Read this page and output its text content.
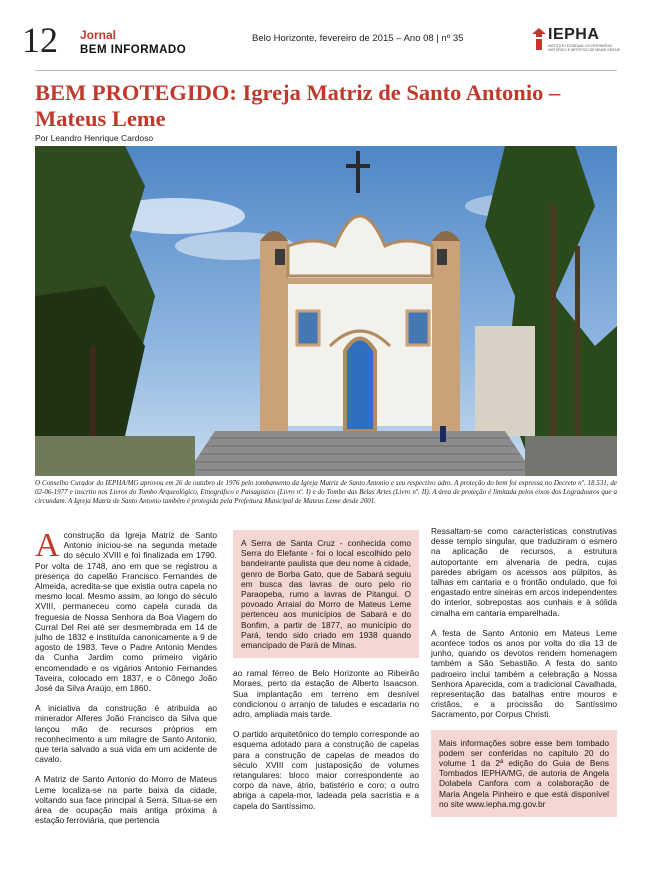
12 Jornal
BEM INFORMADO
Belo Horizonte, fevereiro de 2015 – Ano 08 | nº 35	IEPHA
INSTITUTO ESTADUAL DO PATRIMÔNIO HISTÓRICO E ARTÍSTICO DE MINAS GERAIS
BEM PROTEGIDO: Igreja Matriz de Santo Antonio – Mateus Leme
Por Leandro Henrique Cardoso
O Conselho Curador do IEPHA/MG aprovou em 26 de outubro de 1976 pelo tombamento da Igreja Matriz de Santo Antonio e seu respectivo adro. A proteção do bem foi expressa no Decreto nº. 18.531, de 02-06-1977 e inscrito nos Livros do Tombo Arqueológico, Etnográfico e Paisagístico (Livro nº. I) e do Tombo das Belas Artes (Livro nº. II). A área de proteção é limitada pelos eixos dos Logradouros que a circundam. A Igreja Matriz de Santo Antonio também é protegida pela Prefeitura Municipal de Mateus Leme desde 2001.

Aconstrução da Igreja Matriz de Santo Antonio iniciou-se na segunda metade do século XVIII e foi finalizada em 1790. Por volta de 1748, ano em que se registrou a presença do capelão Francisco Fernandes de Almeida, acredita-se que existia outra capela no mesmo local. Mesmo assim, ao longo do século XVIII, permaneceu como capela curada da freguesia de Nossa Senhora da Boa Viagem do Curral Del Rei até ser desmembrada em 14 de julho de 1832 e instituída canonicamente a 9 de agosto de 1983. Teve o Padre Antonio Mendes da Cunha Jardim como primeiro vigário encomendado e os vigários Antonio Fernandes Taveira, colocado em 1837, e o Cônego João José da Silva Araújo, em 1860.

A iniciativa da construção é atribuída ao minerador Alferes João Francisco da Silva que lançou mão de recursos próprios em reconhecimento a um milagre de Santo Antonio, que teria salvado a sua vida em um acidente de cavalo.

A Matriz de Santo Antonio do Morro de Mateus Leme localiza-se na parte baixa da cidade, voltando sua face principal à Serra. Situa-se em área de ocupação mais antiga próxima à estação ferroviária, que pertencia

A Serra de Santa Cruz - conhecida como Serra do Elefante - foi o local escolhido pelo bandeirante paulista que deu nome à cidade, genro de Borba Gato, que de Sabará seguiu em busca das lavras de ouro pelo rio Paraopeba, rumo a lavras de Pitangui. O povoado Arraial do Morro de Mateus Leme pertenceu aos municípios de Sabará e do Bonfim, a partir de 1877, ao município do Pará, tendo sido criado em 1938 quando emancipado de Pará de Minas.

ao ramal férreo de Belo Horizonte ao Ribeirão Moraes, perto da estação de Alberto Isaacson. Sua implantação em terreno em desnível condicionou o arranjo de taludes e escadaria no adro, ampliada mais tarde.

O partido arquitetônico do templo corresponde ao esquema adotado para a construção de capelas para a construção de capelas de meados do século XVIII com justaposição de volumes retangulares: bloco maior correspondente ao corpo da nave, átrio, batistério e coro; o outro abriga a capela-mor, ladeada pela sacristia e a capela do Santíssimo.

Ressaltam-se como características construtivas desse templo singular, que traduziram o esmero na aplicação de recursos, a estrutura autoportante em alvenaria de pedra, cujas paredes abrigam os acessos aos púlpitos, às talhas em cantaria e o frontão ondulado, que foi engastado entre sineiras em arcos independentes do interior, sobrepostas aos cunhais e à sólida cimalha em cantaria emparelhada.

A festa de Santo Antonio em Mateus Leme acontece todos os anos por volta do dia 13 de junho, quando os devotos rendem homenagem também a São Sebastião. A festa do santo padroeiro inclui também a celebração a Nossa Senhora Aparecida, com a tradicional Cavalhada, representação das batalhas entre mouros e cristãos, e a procissão do Santíssimo Sacramento, por Corpus Christi.

Mais informações sobre esse bem tombado podem ser conferidas no capítulo 20 do volume 1 da 2ª edição do Guia de Bens Tombados IEPHA/MG, de autoria de Angela Dolabela Canfora com a colaboração de Maria Angela Pinheiro e que está disponível no site www.iepha.mg.gov.br
